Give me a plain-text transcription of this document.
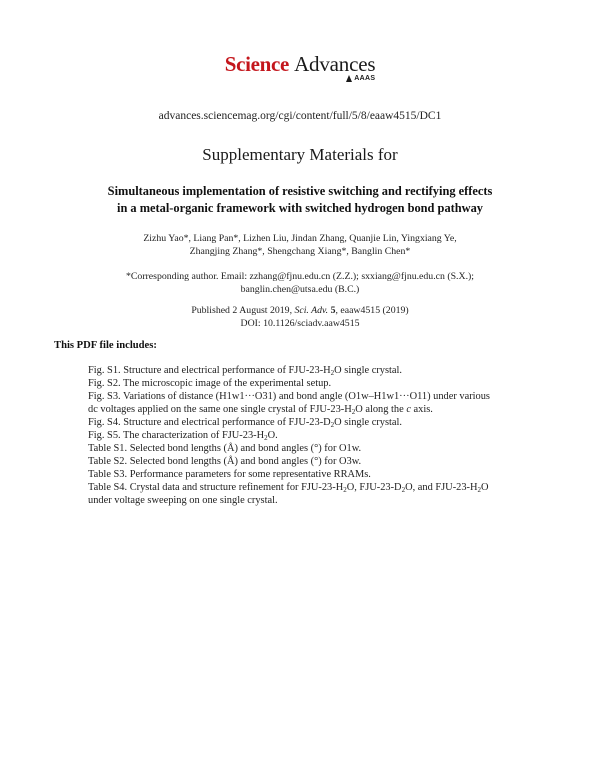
Science Advances
AAAS
advances.sciencemag.org/cgi/content/full/5/8/eaaw4515/DC1
Supplementary Materials for
Simultaneous implementation of resistive switching and rectifying effects
in a metal-organic framework with switched hydrogen bond pathway
Zizhu Yao*, Liang Pan*, Lizhen Liu, Jindan Zhang, Quanjie Lin, Yingxiang Ye,
Zhangjing Zhang*, Shengchang Xiang*, Banglin Chen*
*Corresponding author. Email: zzhang@fjnu.edu.cn (Z.Z.); sxxiang@fjnu.edu.cn (S.X.);
banglin.chen@utsa.edu (B.C.)
Published 2 August 2019, Sci. Adv. 5, eaaw4515 (2019)
DOI: 10.1126/sciadv.aaw4515
This PDF file includes:

Fig. S1. Structure and electrical performance of FJU-$23-H_2O$ single crystal.

Fig. S2. The microscopic image of the experimental setup.

Fig. S3. Variations of distance (H1w1···O31) and bond angle (O1w–H1w1···O11) under various
dc voltages applied on the same one single crystal of FJU-$23-H_2O$ along the c axis.

Fig. S4. Structure and electrical performance of FJU-$23-D_2O$ single crystal.

Fig. S5. The characterization of FJU-$23-H_2O$.

Table S1. Selected bond lengths (Å) and bond angles (°) for O1w.

Table S2. Selected bond lengths (Å) and bond angles (°) for O3w.

Table S3. Performance parameters for some representative RRAMs.

Table S4. Crystal data and structure refinement for FJU-$23-H_2O$, FJU-$23-D_2O$, and FJU-$23-H_2O$
under voltage sweeping on one single crystal.
